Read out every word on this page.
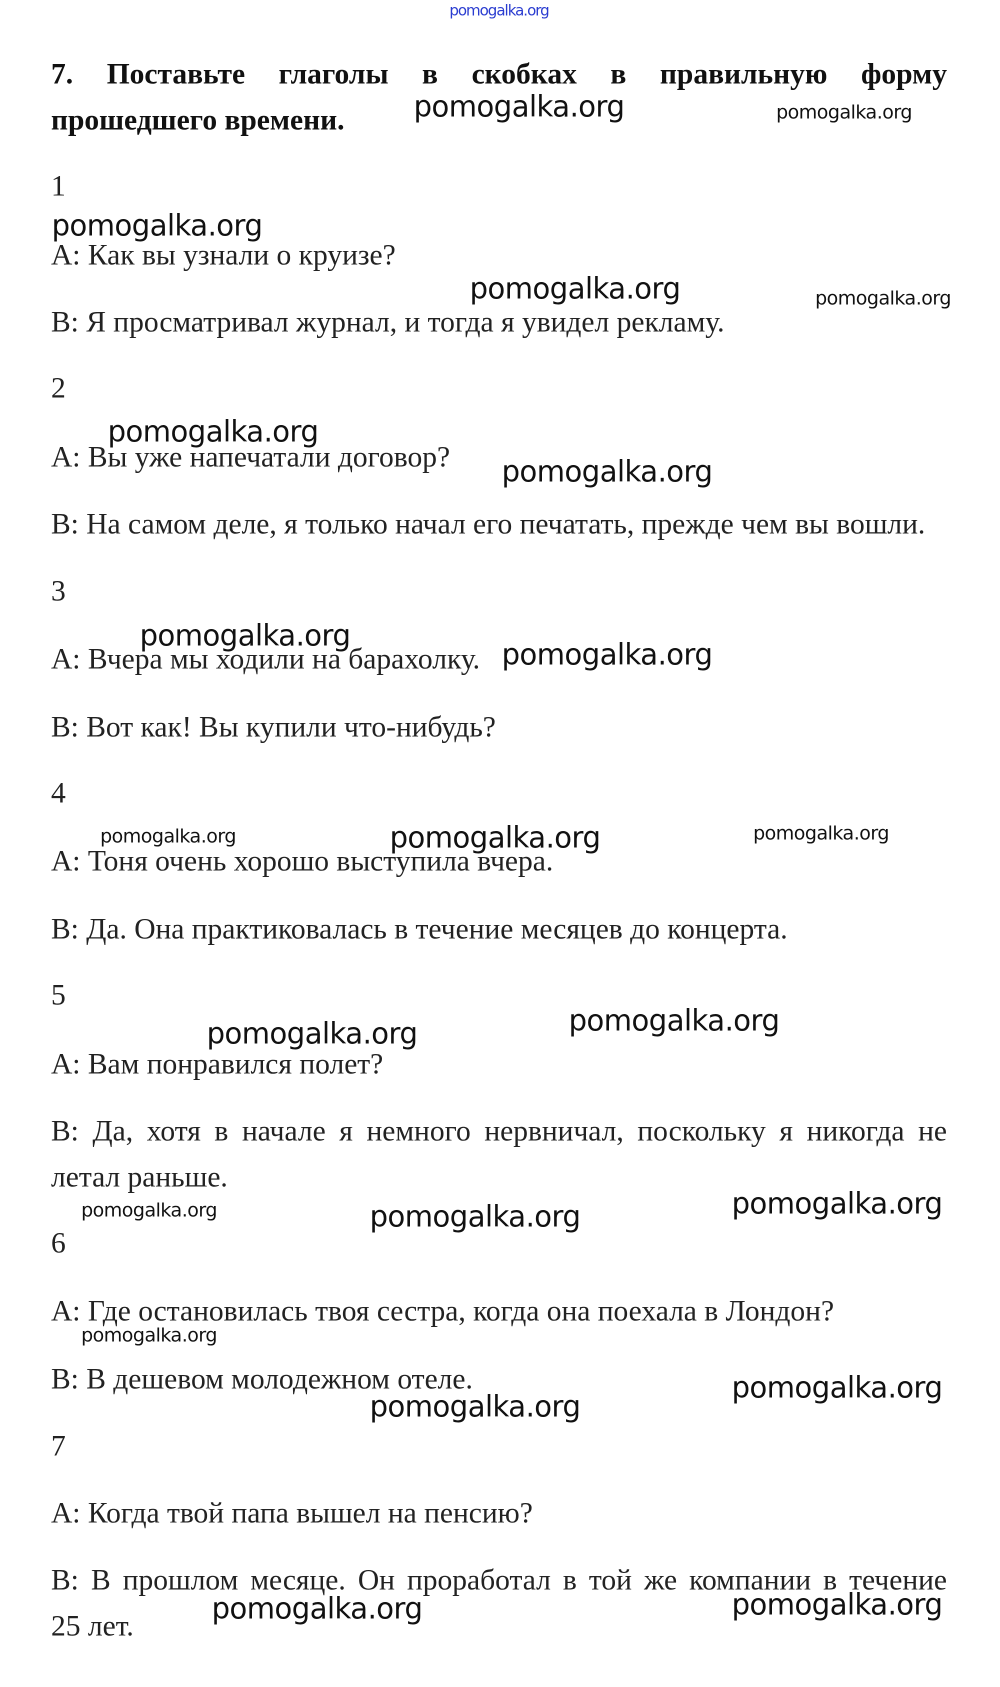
7. Поставьте глаголы в скобках в правильную форму
прошедшего времени.
1
A: Как вы узнали о круизе?
B: Я просматривал журнал, и тогда я увидел рекламу.
2
A: Вы уже напечатали договор?
B: На самом деле, я только начал его печатать, прежде чем вы вошли.
3
A: Вчера мы ходили на барахолку.
B: Вот как! Вы купили что-нибудь?
4
A: Тоня очень хорошо выступила вчера.
B: Да. Она практиковалась в течение месяцев до концерта.
5
A: Вам понравился полет?
B: Да, хотя в начале я немного нервничал, поскольку я никогда не
летал раньше.
6
A: Где остановилась твоя сестра, когда она поехала в Лондон?
B: В дешевом молодежном отеле.
7
A: Когда твой папа вышел на пенсию?
B: В прошлом месяце. Он проработал в той же компании в течение
25 лет.
pomogalka.org
pomogalka.org	pomogalka.org
pomogalka.org
pomogalka.org	pomogalka.org
pomogalka.org
pomogalka.org
pomogalka.org
pomogalka.org
pomogalka.org	pomogalka.org	pomogalka.org
pomogalka.org
pomogalka.org
pomogalka.org	pomogalka.org	pomogalka.org
pomogalka.org
pomogalka.org
pomogalka.org
pomogalka.org	pomogalka.org
